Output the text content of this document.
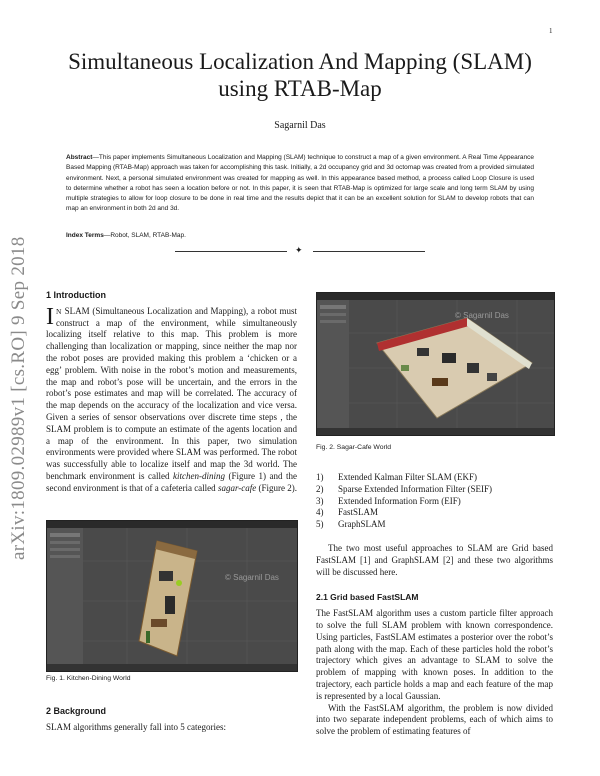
1
arXiv:1809.02989v1 [cs.RO] 9 Sep 2018
Simultaneous Localization And Mapping (SLAM)
using RTAB-Map
Sagarnil Das
Abstract—This paper implements Simultaneous Localization and Mapping (SLAM) technique to construct a map of a given environment. A Real Time Appearance Based Mapping (RTAB-Map) approach was taken for accomplishing this task. Initially, a 2d occupancy grid and 3d octomap was created from a provided simulated environment. Next, a personal simulated environment was created for mapping as well. In this appearance based method, a process called Loop Closure is used to determine whether a robot has seen a location before or not. In this paper, it is seen that RTAB-Map is optimized for large scale and long term SLAM by using multiple strategies to allow for loop closure to be done in real time and the results depict that it can be an excellent solution for SLAM to develop robots that can map an environment in both 2d and 3d.
Index Terms—Robot, SLAM, RTAB-Map.
✦
1 Introduction

I N SLAM (Simultaneous Localization and Mapping), a robot must construct a map of the environment, while simultaneously localizing itself relative to this map. This problem is more challenging than localization or mapping, since neither the map nor the robot poses are provided making this problem a ‘chicken or a egg’ problem. With noise in the robot’s motion and measurements, the map and robot’s pose will be uncertain, and the errors in the robot’s pose estimates and map will be correlated. The accuracy of the map depends on the accuracy of the localization and vice versa. Given a series of sensor observations over discrete time steps , the SLAM problem is to compute an estimate of the agents location and a map of the environment. In this paper, two simulation environments were provided where SLAM was performed. The robot was successfully able to localize itself and map the 3d world. The benchmark environment is called kitchen-dining (Figure 1) and the second environment is that of a cafeteria called sagar-cafe (Figure 2).

© Sagarnil Das
Fig. 1. Kitchen-Dining World
2 Background

SLAM algorithms generally fall into 5 categories:

© Sagarnil Das
Fig. 2. Sagar-Cafe World
1) Extended Kalman Filter SLAM (EKF)
2) Sparse Extended Information Filter (SEIF)
3) Extended Information Form (EIF)
4) FastSLAM
5) GraphSLAM

The two most useful approaches to SLAM are Grid based FastSLAM [1] and GraphSLAM [2] and these two algorithms will be discussed here.

2.1 Grid based FastSLAM

The FastSLAM algorithm uses a custom particle filter approach to solve the full SLAM problem with known correspondence. Using particles, FastSLAM estimates a posterior over the robot’s path along with the map. Each of these particles hold the robot’s trajectory which gives an advantage to SLAM to solve the problem of mapping with known poses. In addition to the trajectory, each particle holds a map and each feature of the map is represented by a local Gaussian.

With the FastSLAM algorithm, the problem is now divided into two separate independent problems, each of which aims to solve the problem of estimating features of
